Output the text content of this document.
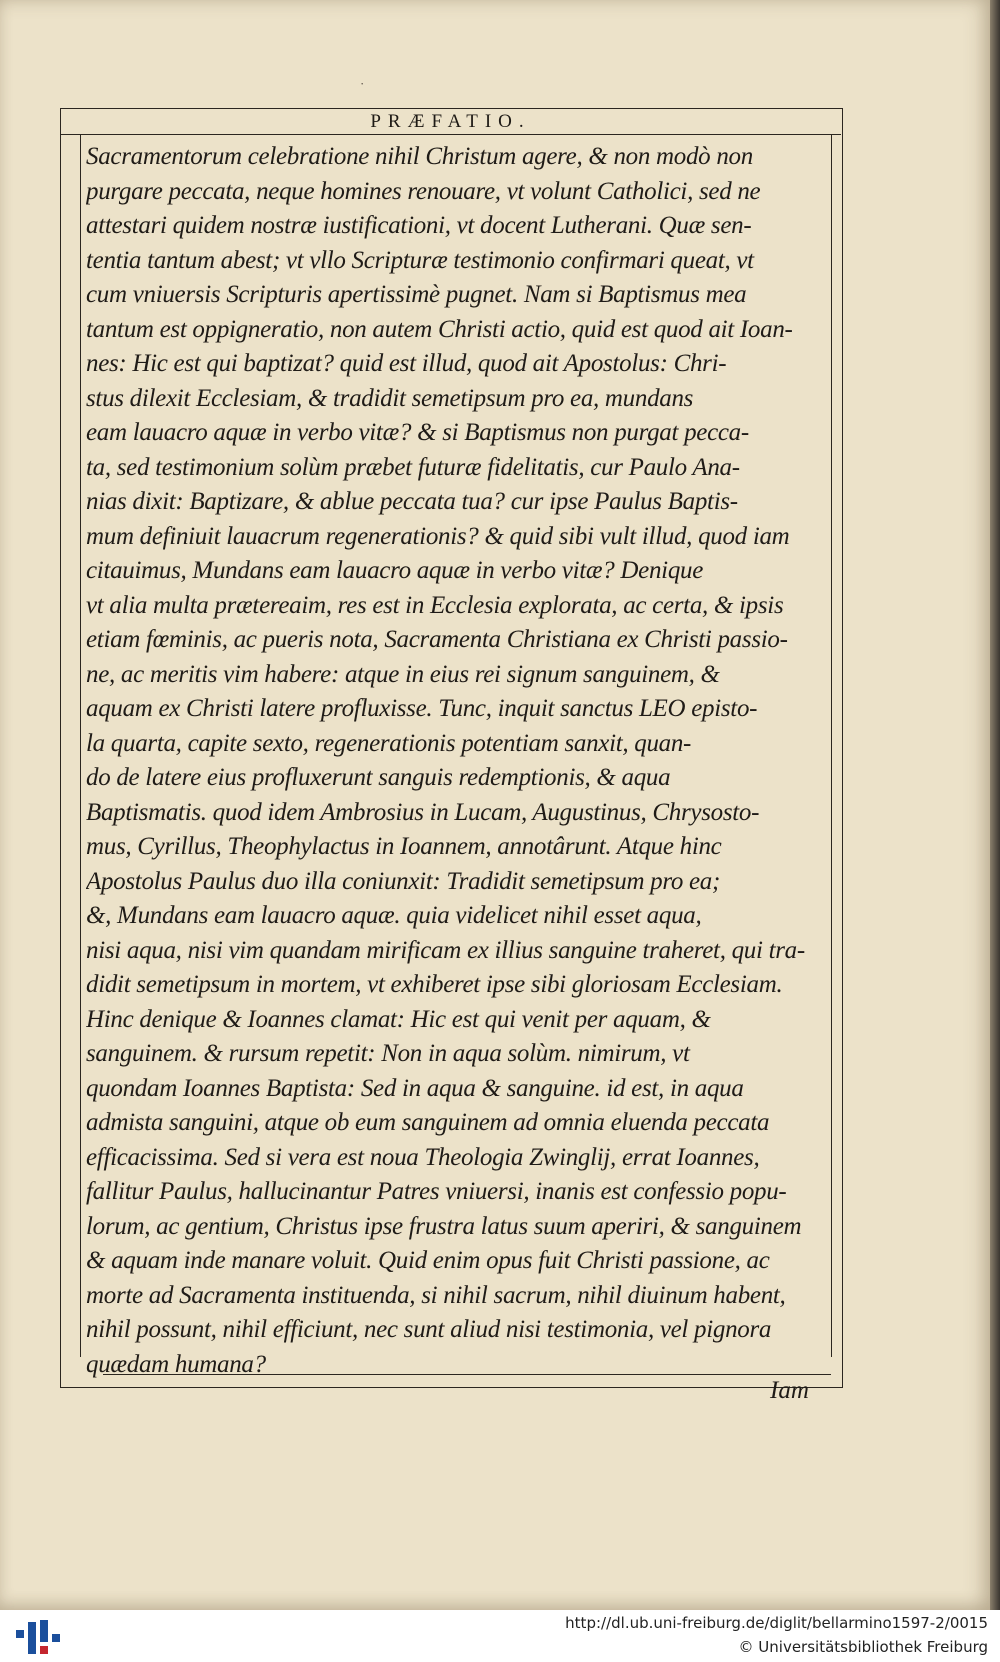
·
PRÆFATIO.
Sacramentorum celebratione nihil Christum agere, & non modò non
purgare peccata, neque homines renouare, vt volunt Catholici, sed ne
attestari quidem nostræ iustificationi, vt docent Lutherani. Quæ sen-
tentia tantum abest; vt vllo Scripturæ testimonio confirmari queat, vt
cum vniuersis Scripturis apertissimè pugnet. Nam si Baptismus mea
tantum est oppigneratio, non autem Christi actio, quid est quod ait Ioan-
nes: Hic est qui baptizat? quid est illud, quod ait Apostolus: Chri-
stus dilexit Ecclesiam, & tradidit semetipsum pro ea, mundans
eam lauacro aquæ in verbo vitæ? & si Baptismus non purgat pecca-
ta, sed testimonium solùm præbet futuræ fidelitatis, cur Paulo Ana-
nias dixit: Baptizare, & ablue peccata tua? cur ipse Paulus Baptis-
mum definiuit lauacrum regenerationis? & quid sibi vult illud, quod iam
citauimus, Mundans eam lauacro aquæ in verbo vitæ? Denique
vt alia multa prætereaim, res est in Ecclesia explorata, ac certa, & ipsis
etiam fœminis, ac pueris nota, Sacramenta Christiana ex Christi passio-
ne, ac meritis vim habere: atque in eius rei signum sanguinem, &
aquam ex Christi latere profluxisse. Tunc, inquit sanctus LEO episto-
la quarta, capite sexto, regenerationis potentiam sanxit, quan-
do de latere eius profluxerunt sanguis redemptionis, & aqua
Baptismatis. quod idem Ambrosius in Lucam, Augustinus, Chrysosto-
mus, Cyrillus, Theophylactus in Ioannem, annotârunt. Atque hinc
Apostolus Paulus duo illa coniunxit: Tradidit semetipsum pro ea;
&, Mundans eam lauacro aquæ. quia videlicet nihil esset aqua,
nisi aqua, nisi vim quandam mirificam ex illius sanguine traheret, qui tra-
didit semetipsum in mortem, vt exhiberet ipse sibi gloriosam Ecclesiam.
Hinc denique & Ioannes clamat: Hic est qui venit per aquam, &
sanguinem. & rursum repetit: Non in aqua solùm. nimirum, vt
quondam Ioannes Baptista: Sed in aqua & sanguine. id est, in aqua
admista sanguini, atque ob eum sanguinem ad omnia eluenda peccata
efficacissima. Sed si vera est noua Theologia Zwinglij, errat Ioannes,
fallitur Paulus, hallucinantur Patres vniuersi, inanis est confessio popu-
lorum, ac gentium, Christus ipse frustra latus suum aperiri, & sanguinem
& aquam inde manare voluit. Quid enim opus fuit Christi passione, ac
morte ad Sacramenta instituenda, si nihil sacrum, nihil diuinum habent,
nihil possunt, nihil efficiunt, nec sunt aliud nisi testimonia, vel pignora
quædam humana?
Iam
http://dl.ub.uni-freiburg.de/diglit/bellarmino1597-2/0015
© Universitätsbibliothek Freiburg
